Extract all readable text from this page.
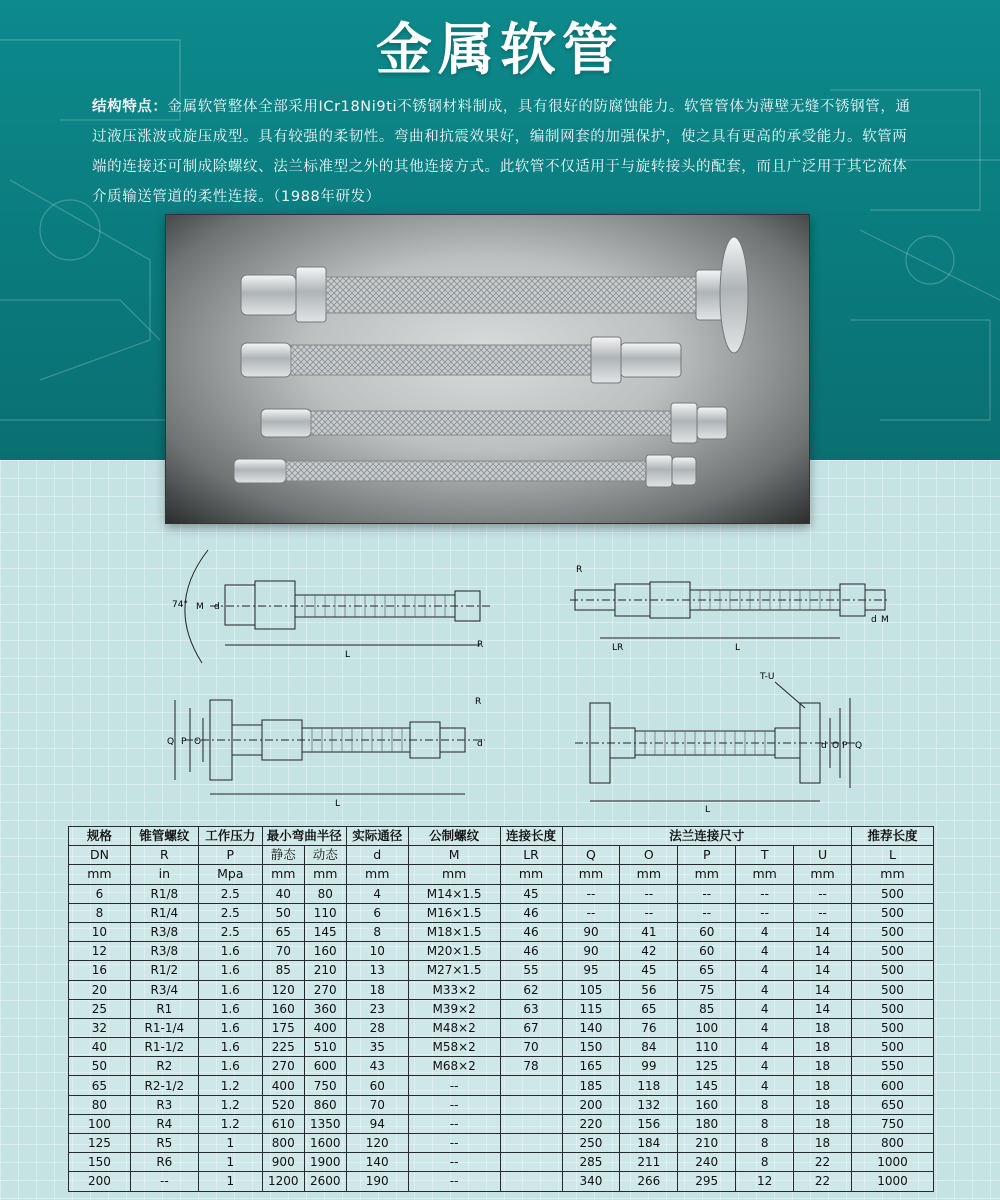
金属软管
结构特点：金属软管整体全部采用ICr18Ni9ti不锈钢材料制成，具有很好的防腐蚀能力。软管管体为薄壁无缝不锈钢管，通过液压涨波或旋压成型。具有较强的柔韧性。弯曲和抗震效果好，编制网套的加强保护，使之具有更高的承受能力。软管两端的连接还可制成除螺纹、法兰标准型之外的其他连接方式。此软管不仅适用于与旋转接头的配套，而且广泛用于其它流体介质输送管道的柔性连接。（1988年研发）
74° M d
L
R
R
LR	L
d M
R
Q P O	d
L
T-U
d O P Q
L
规格	锥管螺纹	工作压力	最小弯曲半径		实际通径	公制螺纹	连接长度	法兰连接尺寸					推荐长度
DN	R	P	静态	动态	d	M	LR	Q	O	P	T	U	L
mm	in	Mpa	mm	mm	mm	mm	mm	mm	mm	mm	mm	mm	mm
6	R1/8	2.5	40	80	4	M14×1.5	45	--	--	--	--	--	500
8	R1/4	2.5	50	110	6	M16×1.5	46	--	--	--	--	--	500
10	R3/8	2.5	65	145	8	M18×1.5	46	90	41	60	4	14	500
12	R3/8	1.6	70	160	10	M20×1.5	46	90	42	60	4	14	500
16	R1/2	1.6	85	210	13	M27×1.5	55	95	45	65	4	14	500
20	R3/4	1.6	120	270	18	M33×2	62	105	56	75	4	14	500
25	R1	1.6	160	360	23	M39×2	63	115	65	85	4	14	500
32	R1-1/4	1.6	175	400	28	M48×2	67	140	76	100	4	18	500
40	R1-1/2	1.6	225	510	35	M58×2	70	150	84	110	4	18	500
50	R2	1.6	270	600	43	M68×2	78	165	99	125	4	18	550
65	R2-1/2	1.2	400	750	60	--		185	118	145	4	18	600
80	R3	1.2	520	860	70	--		200	132	160	8	18	650
100	R4	1.2	610	1350	94	--		220	156	180	8	18	750
125	R5	1	800	1600	120	--		250	184	210	8	18	800
150	R6	1	900	1900	140	--		285	211	240	8	22	1000
200	--	1	1200	2600	190	--		340	266	295	12	22	1000
